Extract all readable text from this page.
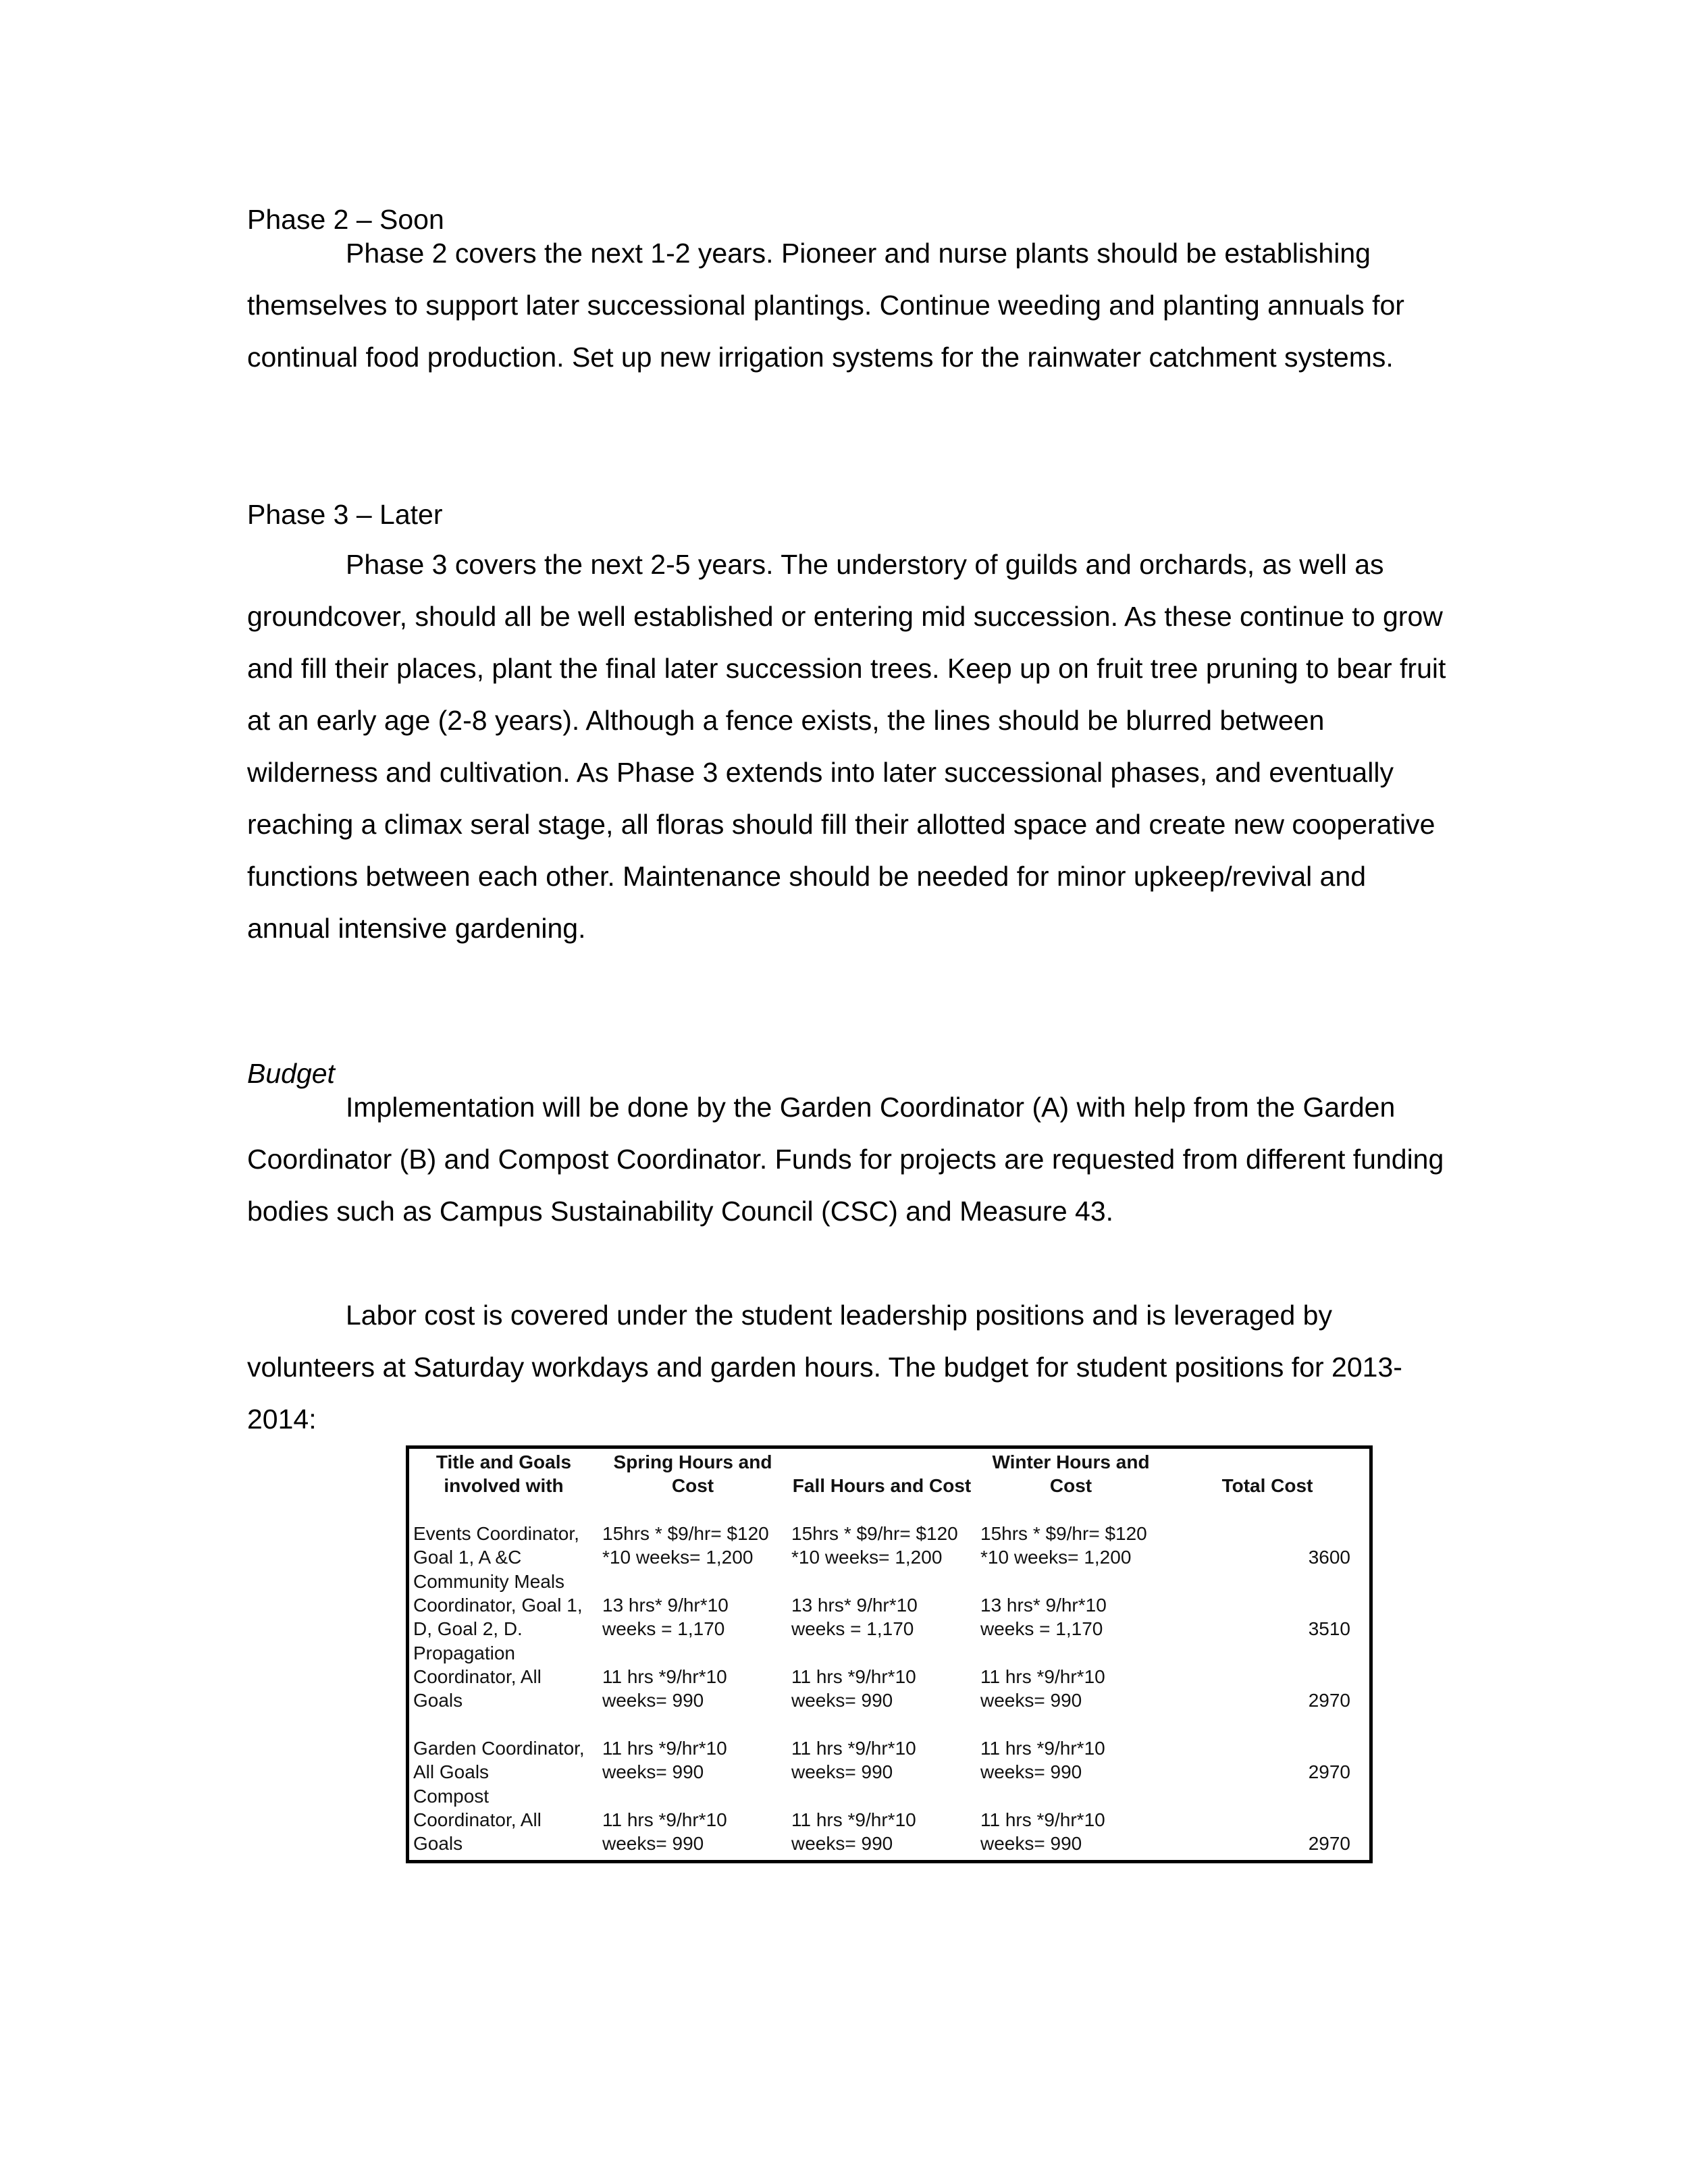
Phase 2 – Soon

Phase 2 covers the next 1-2 years. Pioneer and nurse plants should be establishing themselves to support later successional plantings. Continue weeding and planting annuals for continual food production. Set up new irrigation systems for the rainwater catchment systems.

Phase 3 – Later

Phase 3 covers the next 2-5 years. The understory of guilds and orchards, as well as groundcover, should all be well established or entering mid succession. As these continue to grow and fill their places, plant the final later succession trees. Keep up on fruit tree pruning to bear fruit at an early age (2-8 years). Although a fence exists, the lines should be blurred between wilderness and cultivation. As Phase 3 extends into later successional phases, and eventually reaching a climax seral stage, all floras should fill their allotted space and create new cooperative functions between each other. Maintenance should be needed for minor upkeep/revival and annual intensive gardening.

Budget

Implementation will be done by the Garden Coordinator (A) with help from the Garden Coordinator (B) and Compost Coordinator. Funds for projects are requested from different funding bodies such as Campus Sustainability Council (CSC) and Measure 43.

Labor cost is covered under the student leadership positions and is leveraged by volunteers at Saturday workdays and garden hours. The budget for student positions for 2013-2014:

Title and Goals involved with	Spring Hours and Cost	Fall Hours and Cost	Winter Hours and Cost	Total Cost
Events Coordinator, Goal 1, A &C	15hrs * $9/hr= $120 *10 weeks= 1,200	15hrs * $9/hr= $120 *10 weeks= 1,200	15hrs * $9/hr= $120 *10 weeks= 1,200	3600
Community Meals Coordinator, Goal 1, D, Goal 2, D.	13 hrs* 9/hr*10 weeks = 1,170	13 hrs* 9/hr*10 weeks = 1,170	13 hrs* 9/hr*10 weeks = 1,170	3510
Propagation Coordinator, All Goals	11 hrs *9/hr*10 weeks= 990	11 hrs *9/hr*10 weeks= 990	11 hrs *9/hr*10 weeks= 990	2970
Garden Coordinator, All Goals	11 hrs *9/hr*10 weeks= 990	11 hrs *9/hr*10 weeks= 990	11 hrs *9/hr*10 weeks= 990	2970
Compost Coordinator, All Goals	11 hrs *9/hr*10 weeks= 990	11 hrs *9/hr*10 weeks= 990	11 hrs *9/hr*10 weeks= 990	2970
